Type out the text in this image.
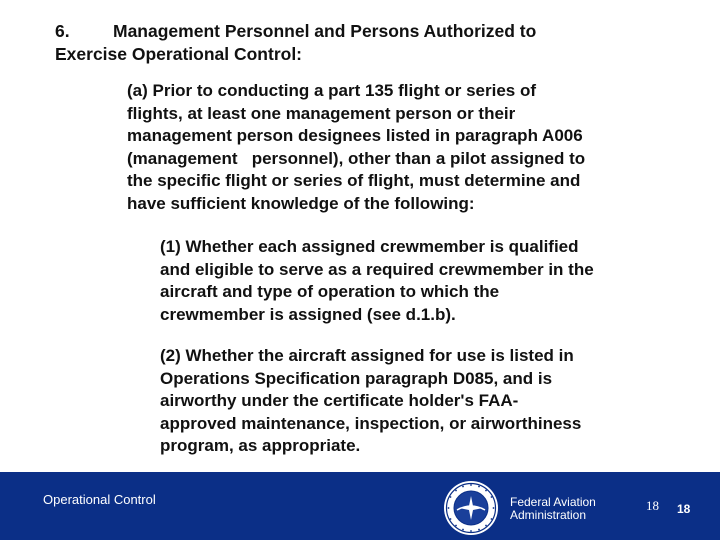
6. Management Personnel and Persons Authorized to
Exercise Operational Control:
(a) Prior to conducting a part 135 flight or series of
flights, at least one management person or their
management person designees listed in paragraph A006
(management   personnel), other than a pilot assigned to
the specific flight or series of flight, must determine and
have sufficient knowledge of the following:
(1) Whether each assigned crewmember is qualified
and eligible to serve as a required crewmember in the
aircraft and type of operation to which the
crewmember is assigned (see d.1.b).
(2) Whether the aircraft assigned for use is listed in
Operations Specification paragraph D085, and is
airworthy under the certificate holder's FAA-
approved maintenance, inspection, or airworthiness
program, as appropriate.
Operational Control	Federal Aviation
Administration
18 18
